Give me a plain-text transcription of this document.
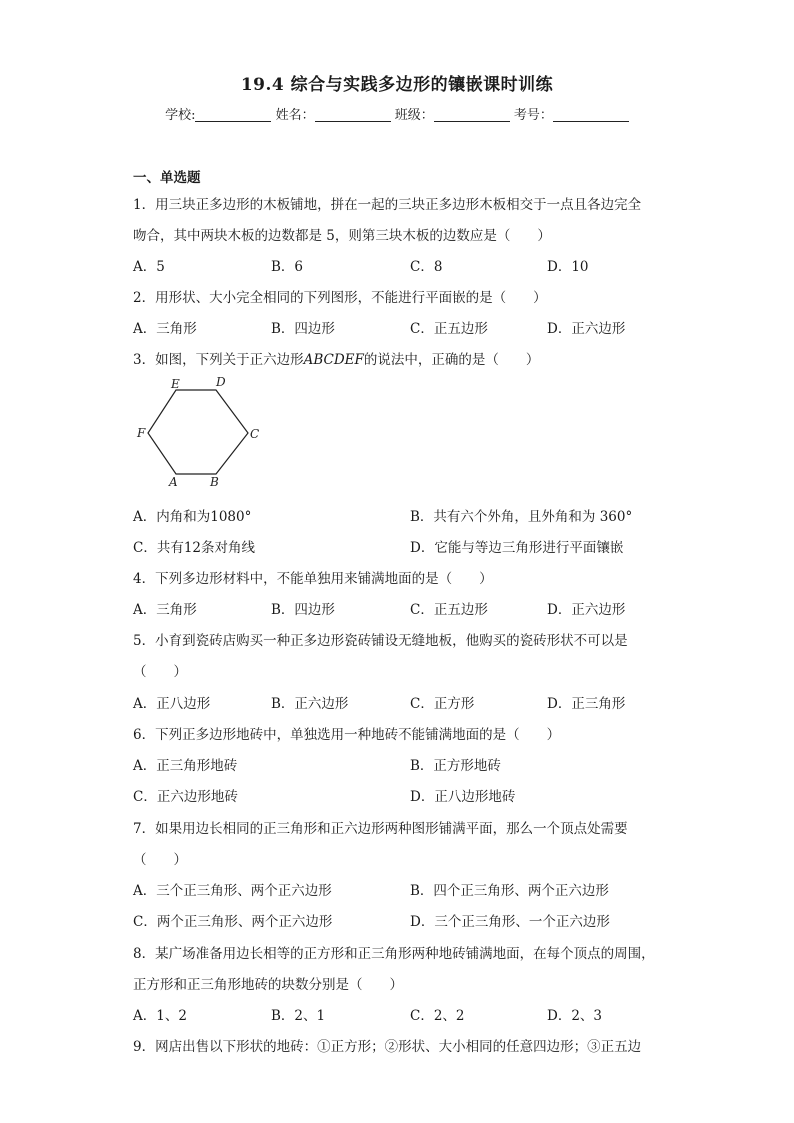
19.4 综合与实践多边形的镶嵌课时训练
学校:	姓名：	班级：	考号：
一、单选题
1．用三块正多边形的木板铺地，拼在一起的三块正多边形木板相交于一点且各边完全
吻合，其中两块木板的边数都是 5，则第三块木板的边数应是（　　）
A．5	B．6	C．8	D．10
2．用形状、大小完全相同的下列图形，不能进行平面嵌的是（　　）
A．三角形	B．四边形	C．正五边形	D．正六边形
3．如图，下列关于正六边形ABCDEF的说法中，正确的是（　　）
A	B
C
D
E
F
A．内角和为1080°	B．共有六个外角，且外角和为 360°
C．共有12条对角线	D．它能与等边三角形进行平面镶嵌
4．下列多边形材料中，不能单独用来铺满地面的是（　　）
A．三角形	B．四边形	C．正五边形	D．正六边形
5．小育到瓷砖店购买一种正多边形瓷砖铺设无缝地板，他购买的瓷砖形状不可以是
（　　）
A．正八边形	B．正六边形	C．正方形	D．正三角形
6．下列正多边形地砖中，单独选用一种地砖不能铺满地面的是（　　）
A．正三角形地砖	B．正方形地砖
C．正六边形地砖	D．正八边形地砖
7．如果用边长相同的正三角形和正六边形两种图形铺满平面，那么一个顶点处需要
（　　）
A．三个正三角形、两个正六边形	B．四个正三角形、两个正六边形
C．两个正三角形、两个正六边形	D．三个正三角形、一个正六边形
8．某广场准备用边长相等的正方形和正三角形两种地砖铺满地面，在每个顶点的周围，
正方形和正三角形地砖的块数分别是（　　）
A．1、2	B．2、1	C．2、2	D．2、3
9．网店出售以下形状的地砖：①正方形；②形状、大小相同的任意四边形；③正五边
